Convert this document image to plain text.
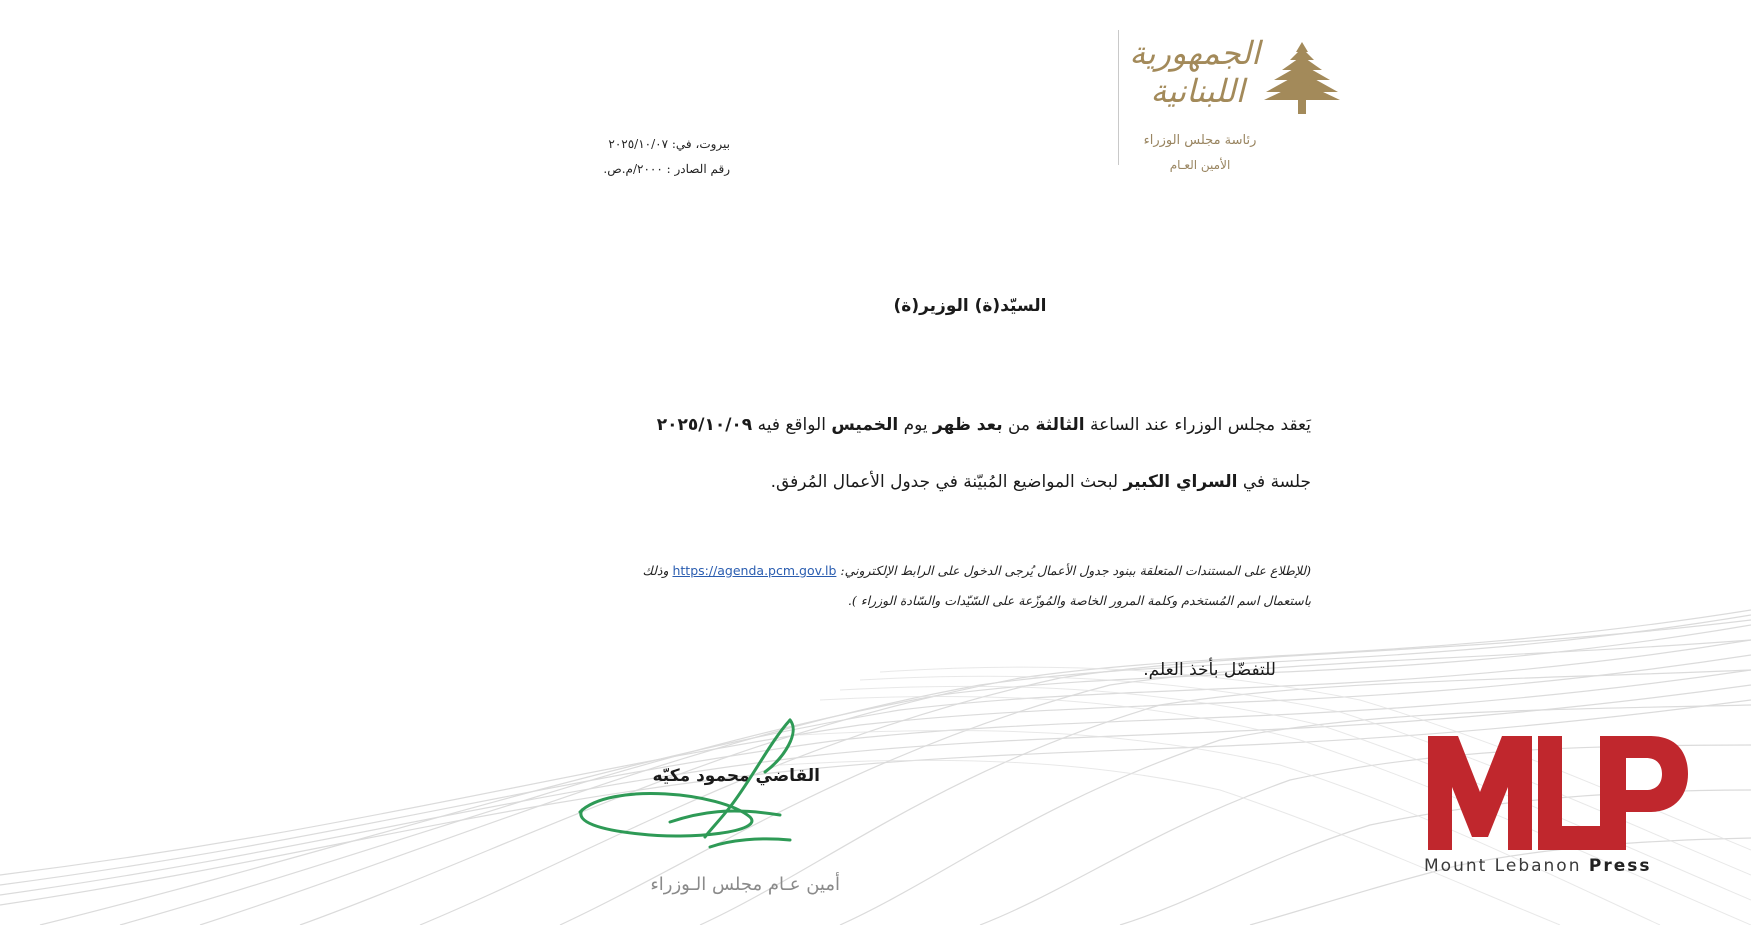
الجمهورية اللبنانية
رئاسة مجلس الوزراء
الأمين العـام
بيروت، في: ٢٠٢٥/١٠/٠٧
رقم الصادر : ٢٠٠٠/م.ص.
السيّد(ة) الوزير(ة)
يَعقد مجلس الوزراء عند الساعة الثالثة من بعد ظهر يوم الخميس الواقع فيه ٢٠٢٥/١٠/٠٩
جلسة في السراي الكبير لبحث المواضيع المُبيّنة في جدول الأعمال المُرفق.
(للإطلاع على المستندات المتعلقة ببنود جدول الأعمال يُرجى الدخول على الرابط الإلكتروني: https://agenda.pcm.gov.lb وذلك
باستعمال اسم المُستخدم وكلمة المرور الخاصة والمُوزّعة على السّيّدات والسّادة الوزراء ).
للتفضّل بأخذ العلم.
القاضي محمود مكيّه
أمين عـام مجلس الـوزراء
Mount Lebanon Press
